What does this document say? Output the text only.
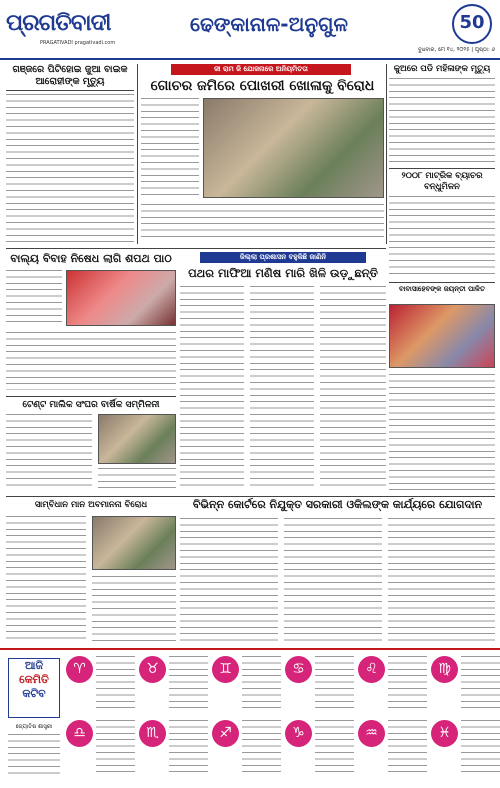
ପ୍ରଗତିବାଦୀ
PRAGATIVADI pragativadi.com
ଢେଙ୍କାନାଳ-ଅନୁଗୁଳ	50
ବୁଧବାର, ମେ ୧୪, ୨୦୨୫ | ପୃଷ୍ଠା: ୬
ଗଞ୍ଜରେ ପିଟିହୋଇ ଜୁଆ ବାଇକ ଆରୋହୀଙ୍କ ମୃତ୍ୟୁ
ଜୀ ରାମ ଜି ଯୋଜନାରେ ଅନିୟମିତତା
ଗୋଚର ଜମିରେ ପୋଖରୀ ଖୋଳାକୁ ବିରୋଧ
କୁଅରେ ପଡି ମହିଳାଙ୍କ ମୃତ୍ୟୁ
୨୦୦୮ ମାଟ୍ରିକ ବ୍ୟାଚର ବନ୍ଧୁମିଳନ
ବାଲ୍ୟ ବିବାହ ନିଷେଧ ଲାଗି ଶପଥ ପାଠ	ଜିଲ୍ଲା ପ୍ରଶାସନ ବହୁକିଛି ଜାଣିନି
ପଥର ମାଫିଆ ମଣିଷ ମାରି ଖିଳି ଉଡ଼ୁଛନ୍ତି
ବାବାସାହେବଙ୍କ ଜୟନ୍ତୀ ପାଳିତ
ଟେଣ୍ଟ ମାଲିକ ସଂଘର ବାର୍ଷିକ ସମ୍ମିଳନୀ
ବିଭିନ୍ନ କୋର୍ଟରେ ନିଯୁକ୍ତ ସରକାରୀ ଓକିଲଙ୍କ କାର୍ଯ୍ୟରେ ଯୋଗଦାନ
ସାମ୍ବିଧାନ ମାନ ଅବମାନନା ବିରୋଧ
ଆଜି
କେମିତି
କଟିବ
ଜ୍ୟୋତିଷ ଶାସ୍ତ୍ରୀ
♈	♉	♊	♋	♌	♍
♎	♏	♐	♑	♒	♓
